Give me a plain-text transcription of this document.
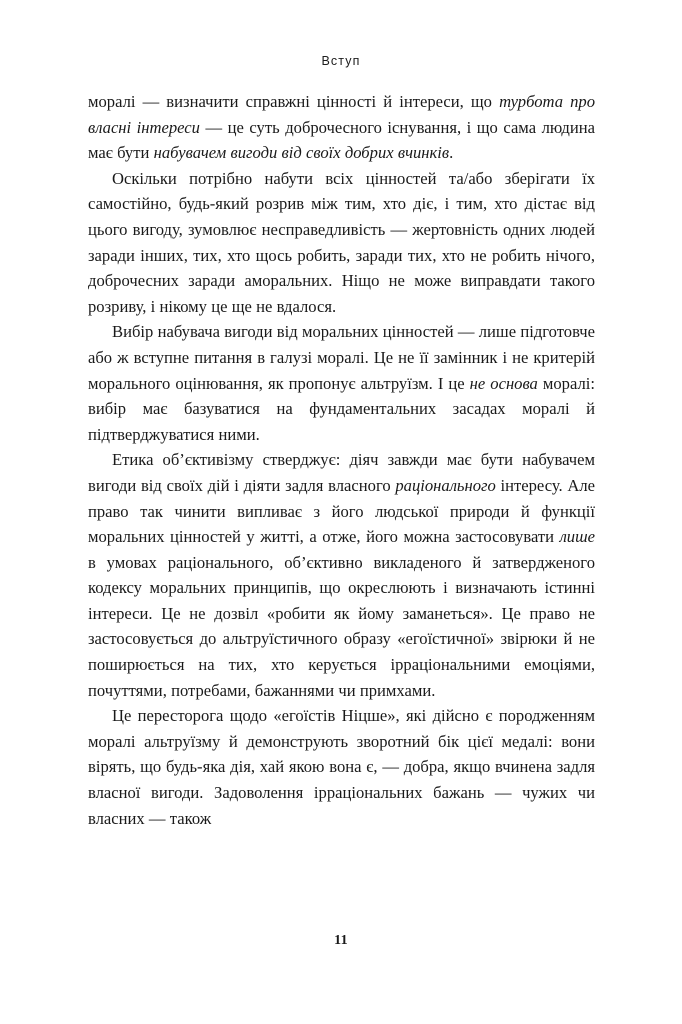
Вступ

моралі — визначити справжні цінності й інтереси, що турбота про власні інтереси — це суть доброчесного існування, і що сама людина має бути набувачем вигоди від своїх добрих вчинків.

Оскільки потрібно набути всіх цінностей та/або зберігати їх самостійно, будь-який розрив між тим, хто діє, і тим, хто дістає від цього вигоду, зумовлює несправедливість — жертовність одних людей заради інших, тих, хто щось робить, заради тих, хто не робить нічого, доброчесних заради аморальних. Ніщо не може виправдати такого розриву, і нікому це ще не вдалося.

Вибір набувача вигоди від моральних цінностей — лише підготовче або ж вступне питання в галузі моралі. Це не її замінник і не критерій морального оцінювання, як пропонує альтруїзм. І це не основа моралі: вибір має базуватися на фундаментальних засадах моралі й підтверджуватися ними.

Етика об’єктивізму стверджує: діяч завжди має бути набувачем вигоди від своїх дій і діяти задля власного раціонального інтересу. Але право так чинити випливає з його людської природи й функції моральних цінностей у житті, а отже, його можна застосовувати лише в умовах раціонального, об’єктивно викладеного й затвердженого кодексу моральних принципів, що окреслюють і визначають істинні інтереси. Це не дозвіл «робити як йому заманеться». Це право не застосовується до альтруїстичного образу «егоїстичної» звірюки й не поширюється на тих, хто керується ірраціональними емоціями, почуттями, потребами, бажаннями чи примхами.

Це пересторога щодо «егоїстів Ніцше», які дійсно є породженням моралі альтруїзму й демонструють зворотний бік цієї медалі: вони вірять, що будь-яка дія, хай якою вона є, — добра, якщо вчинена задля власної вигоди. Задоволення ірраціональних бажань — чужих чи власних — також

11
